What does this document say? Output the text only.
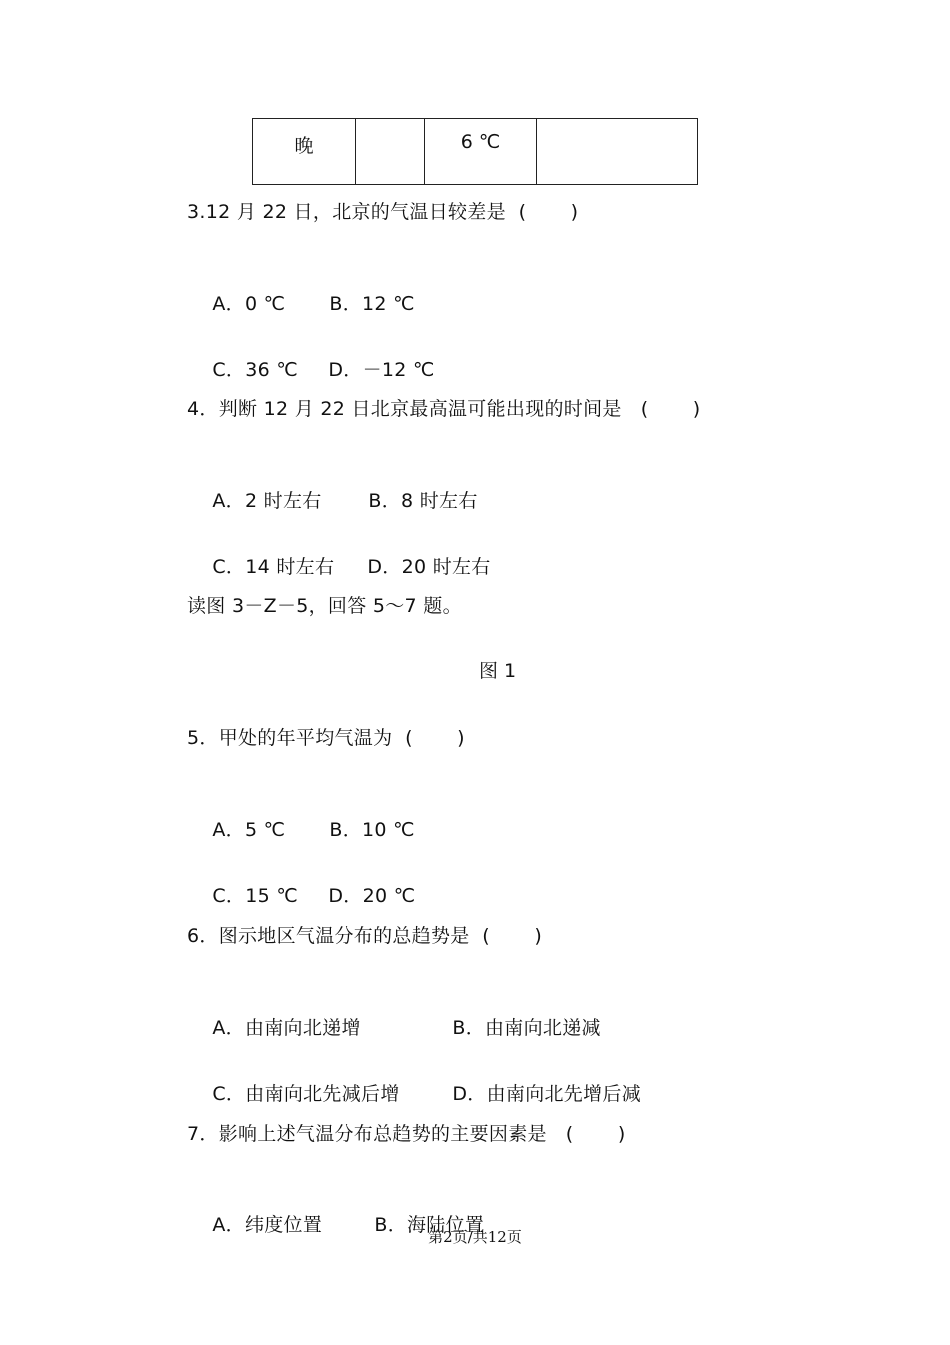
晚		6 ℃

3.12 月 22 日，北京的气温日较差是  (       )

A．0 ℃ B．12 ℃

C．36 ℃ D．－12 ℃

4．判断 12 月 22 日北京最高温可能出现的时间是   (       )

A．2 时左右 B．8 时左右

C．14 时左右 D．20 时左右

读图 3－Z－5，回答 5～7 题。
图 1
5．甲处的年平均气温为  (       )

A．5 ℃ B．10 ℃

C．15 ℃ D．20 ℃

6．图示地区气温分布的总趋势是  (       )

A．由南向北递增	B．由南向北递减

C．由南向北先减后增	D．由南向北先增后减

7．影响上述气温分布总趋势的主要因素是   (       )

A．纬度位置	B．海陆位置

第2页/共12页
